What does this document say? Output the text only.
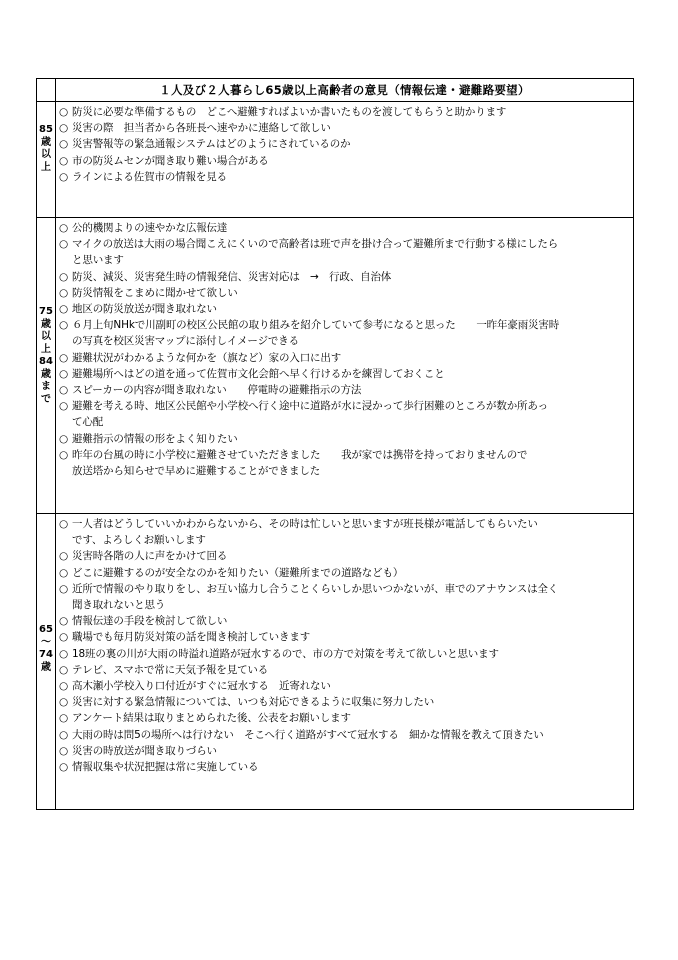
１人及び２人暮らし65歳以上高齢者の意見（情報伝達・避難路要望）
85
歳
以
上
○ 防災に必要な準備するもの　どこへ避難すればよいか書いたものを渡してもらうと助かります
○ 災害の際　担当者から各班長へ速やかに連絡して欲しい
○ 災害警報等の緊急通報システムはどのようにされているのか
○ 市の防災ムセンが聞き取り難い場合がある
○ ラインによる佐賀市の情報を見る
75
歳
以
上
84
歳
ま
で
○ 公的機関よりの速やかな広報伝達
○ マイクの放送は大雨の場合聞こえにくいので高齢者は班で声を掛け合って避難所まで行動する様にしたら
と思います
○ 防災、減災、災害発生時の情報発信、災害対応は　→　行政、自治体
○ 防災情報をこまめに聞かせて欲しい
○ 地区の防災放送が聞き取れない
○ ６月上旬NHkで川副町の校区公民館の取り組みを紹介していて参考になると思った　　一昨年豪雨災害時
の写真を校区災害マップに添付しイメージできる
○ 避難状況がわかるような何かを（旗など）家の入口に出す
○ 避難場所へはどの道を通って佐賀市文化会館へ早く行けるかを練習しておくこと
○ スピーカーの内容が聞き取れない　　停電時の避難指示の方法
○ 避難を考える時、地区公民館や小学校へ行く途中に道路が水に浸かって歩行困難のところが数か所あっ
て心配
○ 避難指示の情報の形をよく知りたい
○ 昨年の台風の時に小学校に避難させていただきました　　我が家では携帯を持っておりませんので
放送塔から知らせで早めに避難することができました
65
～
74
歳
○ 一人者はどうしていいかわからないから、その時は忙しいと思いますが班長様が電話してもらいたい
です、よろしくお願いします
○ 災害時各階の人に声をかけて回る
○ どこに避難するのが安全なのかを知りたい（避難所までの道路なども）
○ 近所で情報のやり取りをし、お互い協力し合うことくらいしか思いつかないが、車でのアナウンスは全く
聞き取れないと思う
○ 情報伝達の手段を検討して欲しい
○ 職場でも毎月防災対策の話を聞き検討していきます
○ 18班の裏の川が大雨の時溢れ道路が冠水するので、市の方で対策を考えて欲しいと思います
○ テレビ、スマホで常に天気予報を見ている
○ 高木瀬小学校入り口付近がすぐに冠水する　近寄れない
○ 災害に対する緊急情報については、いつも対応できるように収集に努力したい
○ アンケート結果は取りまとめられた後、公表をお願いします
○ 大雨の時は問5の場所へは行けない　そこへ行く道路がすべて冠水する　細かな情報を教えて頂きたい
○ 災害の時放送が聞き取りづらい
○ 情報収集や状況把握は常に実施している
